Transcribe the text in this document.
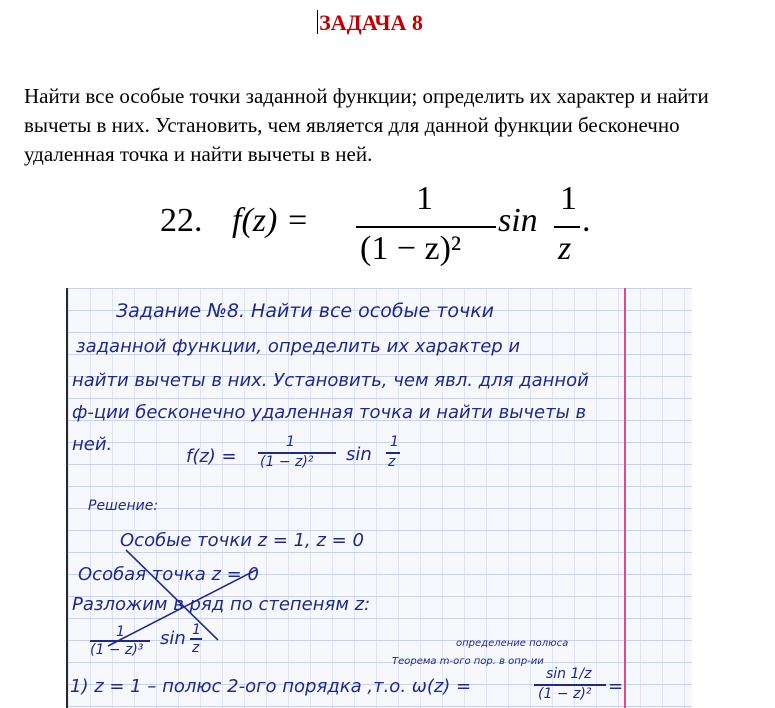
ЗАДАЧА 8
Найти все особые точки заданной функции; определить их характер и найти вычеты в них. Установить, чем является для данной функции бесконечно удаленная точка и найти вычеты в ней.
22. f(z) =
1
(1 − z)²
sin
1
z
.
Задание №8. Найти все особые точки
заданной функции, определить их характер и
найти вычеты в них. Установить, чем явл. для данной
ф-ции бесконечно удаленная точка и найти вычеты в
ней.
f(z) =
1
(1 − z)² sin
1
z
Решение:
Особые точки z = 1, z = 0
Особая точка z = 0
Разложим в ряд по степеням z:
1
(1 − z)³
sin 1
z	определение полюса
Теорема m-ого пор. в опр-ии
1) z = 1 – полюс 2-ого порядка ,т.о. ω(z) =
sin 1/z
(1 − z)² =
